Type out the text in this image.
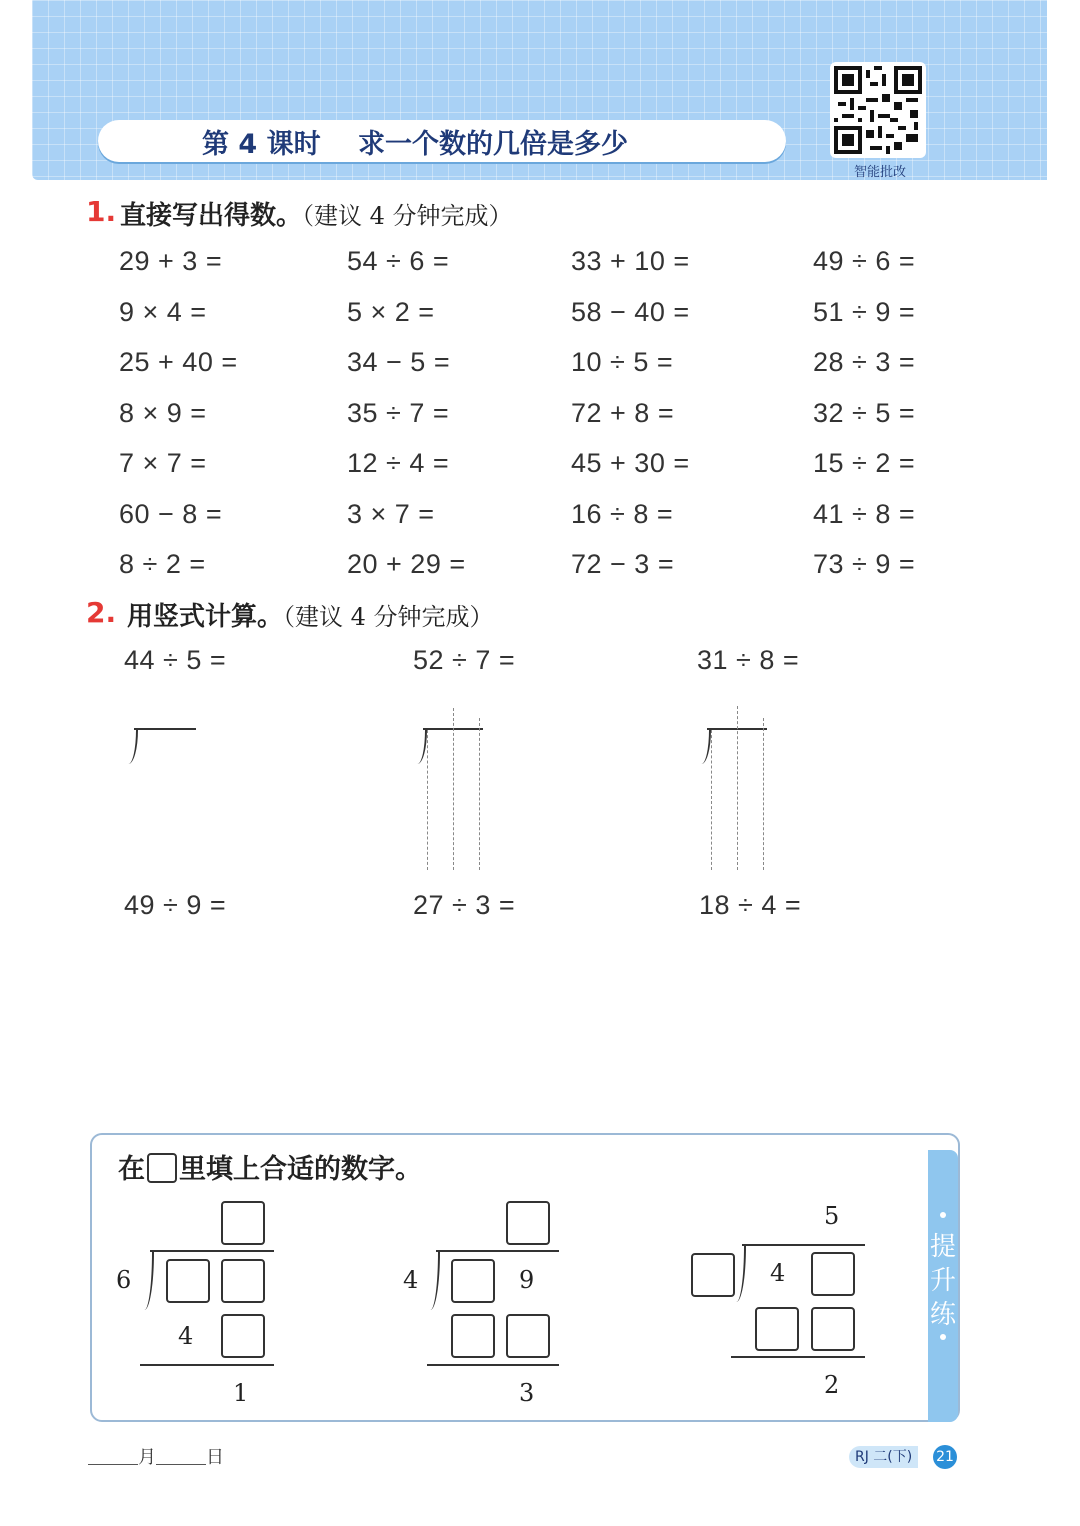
第 4 课时 求一个数的几倍是多少
智能批改
1. 直接写出得数。（建议 4 分钟完成）
29 + 3 =	54 ÷ 6 =	33 + 10 =	49 ÷ 6 =
9 × 4 =	5 × 2 =	58 − 40 =	51 ÷ 9 =
25 + 40 =	34 − 5 =	10 ÷ 5 =	28 ÷ 3 =
8 × 9 =	35 ÷ 7 =	72 + 8 =	32 ÷ 5 =
7 × 7 =	12 ÷ 4 =	45 + 30 =	15 ÷ 2 =
60 − 8 =	3 × 7 =	16 ÷ 8 =	41 ÷ 8 =
8 ÷ 2 =	20 + 29 =	72 − 3 =	73 ÷ 9 =
2. 用竖式计算。（建议 4 分钟完成）
44 ÷ 5 =	52 ÷ 7 =	31 ÷ 8 =
49 ÷ 9 =	27 ÷ 3 =	18 ÷ 4 =
提
升
练
在 里填上合适的数字。
6
4
1
4	9
3
5
4
2
月	日	RJ 二(下)	21
